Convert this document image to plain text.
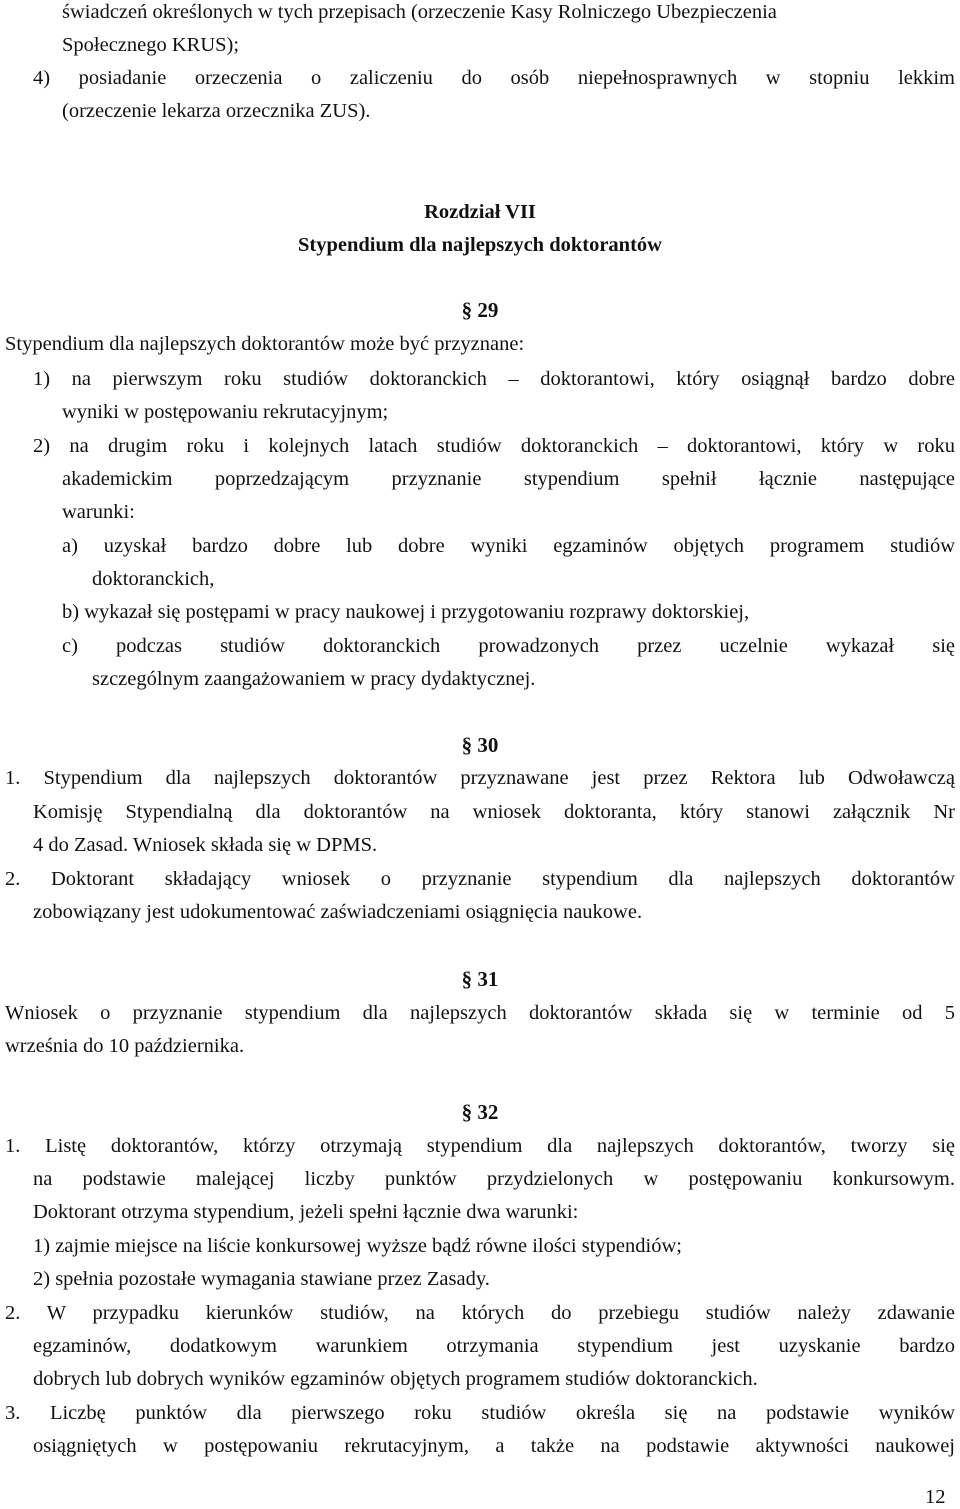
świadczeń określonych w tych przepisach (orzeczenie Kasy Rolniczego Ubezpieczenia
Społecznego KRUS);
4) posiadanie orzeczenia o zaliczeniu do osób niepełnosprawnych w stopniu lekkim
(orzeczenie lekarza orzecznika ZUS).
Rozdział VII
Stypendium dla najlepszych doktorantów
§ 29
Stypendium dla najlepszych doktorantów może być przyznane:
1) na pierwszym roku studiów doktoranckich – doktorantowi, który osiągnął bardzo dobre
wyniki w postępowaniu rekrutacyjnym;
2) na drugim roku i kolejnych latach studiów doktoranckich – doktorantowi, który w roku
akademickim poprzedzającym przyznanie stypendium spełnił łącznie następujące
warunki:
a) uzyskał bardzo dobre lub dobre wyniki egzaminów objętych programem studiów
doktoranckich,
b) wykazał się postępami w pracy naukowej i przygotowaniu rozprawy doktorskiej,
c) podczas studiów doktoranckich prowadzonych przez uczelnie wykazał się
szczególnym zaangażowaniem w pracy dydaktycznej.
§ 30
1. Stypendium dla najlepszych doktorantów przyznawane jest przez Rektora lub Odwoławczą
Komisję Stypendialną dla doktorantów na wniosek doktoranta, który stanowi załącznik Nr
4 do Zasad. Wniosek składa się w DPMS.
2. Doktorant składający wniosek o przyznanie stypendium dla najlepszych doktorantów
zobowiązany jest udokumentować zaświadczeniami osiągnięcia naukowe.
§ 31
Wniosek o przyznanie stypendium dla najlepszych doktorantów składa się w terminie od 5
września do 10 października.
§ 32
1. Listę doktorantów, którzy otrzymają stypendium dla najlepszych doktorantów, tworzy się
na podstawie malejącej liczby punktów przydzielonych w postępowaniu konkursowym.
Doktorant otrzyma stypendium, jeżeli spełni łącznie dwa warunki:
1) zajmie miejsce na liście konkursowej wyższe bądź równe ilości stypendiów;
2) spełnia pozostałe wymagania stawiane przez Zasady.
2. W przypadku kierunków studiów, na których do przebiegu studiów należy zdawanie
egzaminów, dodatkowym warunkiem otrzymania stypendium jest uzyskanie bardzo
dobrych lub dobrych wyników egzaminów objętych programem studiów doktoranckich.
3. Liczbę punktów dla pierwszego roku studiów określa się na podstawie wyników
osiągniętych w postępowaniu rekrutacyjnym, a także na podstawie aktywności naukowej
12
